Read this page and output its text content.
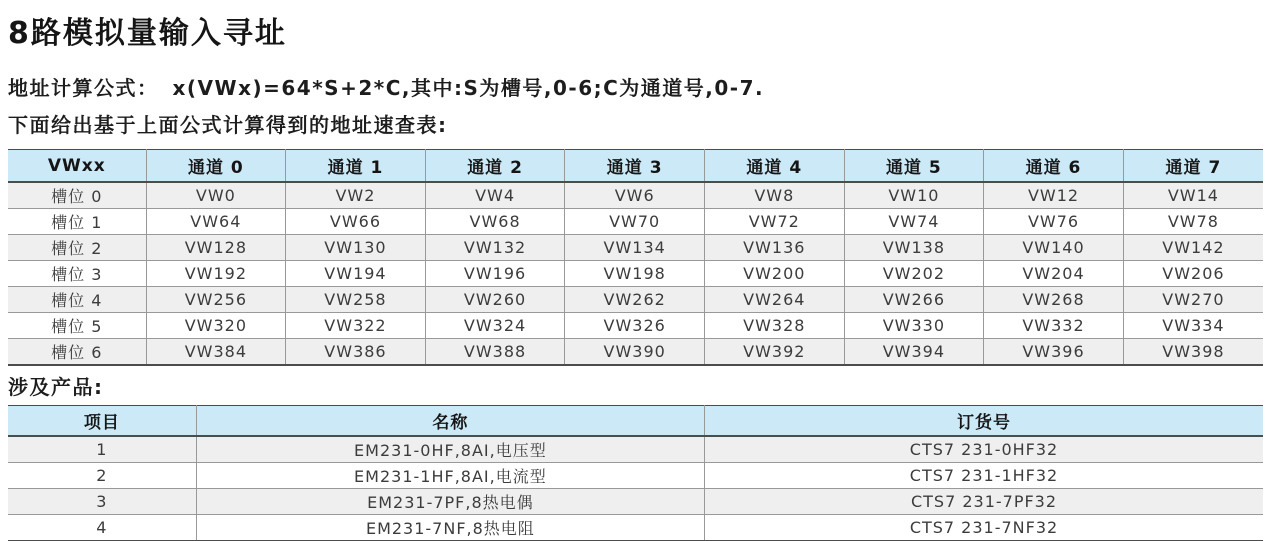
8路模拟量输入寻址

地址计算公式： x(VWx)=64*S+2*C,其中:S为槽号,0-6;C为通道号,0-7.

下面给出基于上面公式计算得到的地址速查表:

VWxx	通道 0	通道 1	通道 2	通道 3	通道 4	通道 5	通道 6	通道 7
槽位 0	VW0	VW2	VW4	VW6	VW8	VW10	VW12	VW14
槽位 1	VW64	VW66	VW68	VW70	VW72	VW74	VW76	VW78
槽位 2	VW128	VW130	VW132	VW134	VW136	VW138	VW140	VW142
槽位 3	VW192	VW194	VW196	VW198	VW200	VW202	VW204	VW206
槽位 4	VW256	VW258	VW260	VW262	VW264	VW266	VW268	VW270
槽位 5	VW320	VW322	VW324	VW326	VW328	VW330	VW332	VW334
槽位 6	VW384	VW386	VW388	VW390	VW392	VW394	VW396	VW398

涉及产品:

项目	名称	订货号
1	EM231-0HF,8AI,电压型	CTS7 231-0HF32
2	EM231-1HF,8AI,电流型	CTS7 231-1HF32
3	EM231-7PF,8热电偶	CTS7 231-7PF32
4	EM231-7NF,8热电阻	CTS7 231-7NF32
